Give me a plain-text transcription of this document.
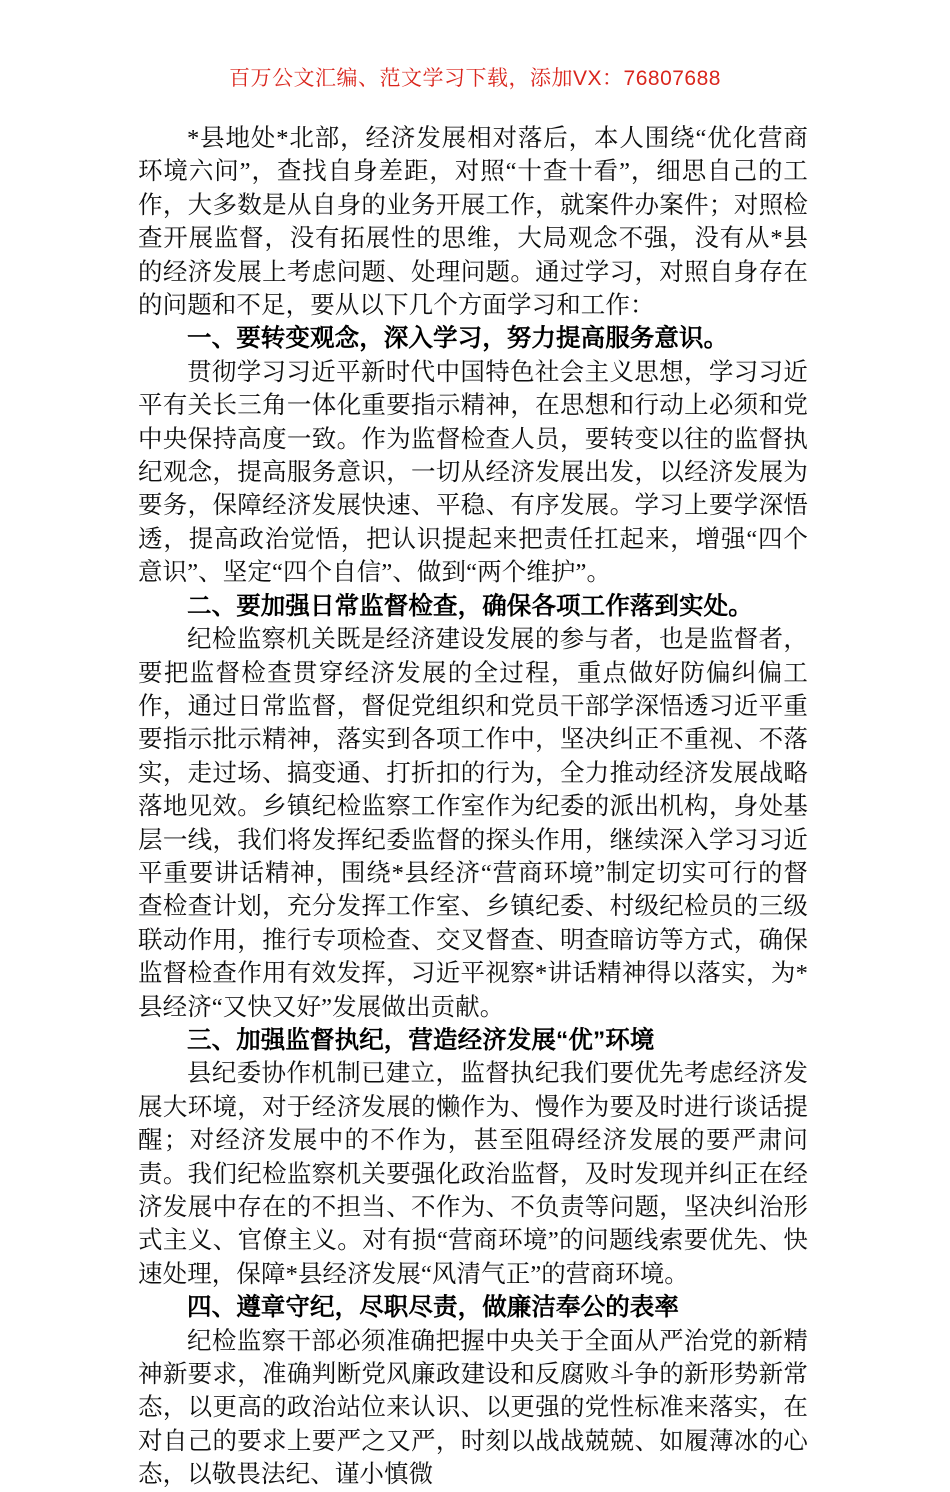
百万公文汇编、范文学习下载，添加VX：76807688

*县地处*北部，经济发展相对落后，本人围绕“优化营商环境六问”，查找自身差距，对照“十查十看”，细思自己的工作，大多数是从自身的业务开展工作，就案件办案件；对照检查开展监督，没有拓展性的思维，大局观念不强，没有从*县的经济发展上考虑问题、处理问题。通过学习，对照自身存在的问题和不足，要从以下几个方面学习和工作：

一、要转变观念，深入学习，努力提高服务意识。

贯彻学习习近平新时代中国特色社会主义思想，学习习近平有关长三角一体化重要指示精神，在思想和行动上必须和党中央保持高度一致。作为监督检查人员，要转变以往的监督执纪观念，提高服务意识，一切从经济发展出发，以经济发展为要务，保障经济发展快速、平稳、有序发展。学习上要学深悟透，提高政治觉悟，把认识提起来把责任扛起来，增强“四个意识”、坚定“四个自信”、做到“两个维护”。

二、要加强日常监督检查，确保各项工作落到实处。

纪检监察机关既是经济建设发展的参与者，也是监督者，要把监督检查贯穿经济发展的全过程，重点做好防偏纠偏工作，通过日常监督，督促党组织和党员干部学深悟透习近平重要指示批示精神，落实到各项工作中，坚决纠正不重视、不落实，走过场、搞变通、打折扣的行为，全力推动经济发展战略落地见效。乡镇纪检监察工作室作为纪委的派出机构，身处基层一线，我们将发挥纪委监督的探头作用，继续深入学习习近平重要讲话精神，围绕*县经济“营商环境”制定切实可行的督查检查计划，充分发挥工作室、乡镇纪委、村级纪检员的三级联动作用，推行专项检查、交叉督查、明查暗访等方式，确保监督检查作用有效发挥，习近平视察*讲话精神得以落实，为*县经济“又快又好”发展做出贡献。

三、加强监督执纪，营造经济发展“优”环境

县纪委协作机制已建立，监督执纪我们要优先考虑经济发展大环境，对于经济发展的懒作为、慢作为要及时进行谈话提醒；对经济发展中的不作为，甚至阻碍经济发展的要严肃问责。我们纪检监察机关要强化政治监督，及时发现并纠正在经济发展中存在的不担当、不作为、不负责等问题，坚决纠治形式主义、官僚主义。对有损“营商环境”的问题线索要优先、快速处理，保障*县经济发展“风清气正”的营商环境。

四、遵章守纪，尽职尽责，做廉洁奉公的表率

纪检监察干部必须准确把握中央关于全面从严治党的新精神新要求，准确判断党风廉政建设和反腐败斗争的新形势新常态，以更高的政治站位来认识、以更强的党性标准来落实，在对自己的要求上要严之又严，时刻以战战兢兢、如履薄冰的心态，以敬畏法纪、谨小慎微
